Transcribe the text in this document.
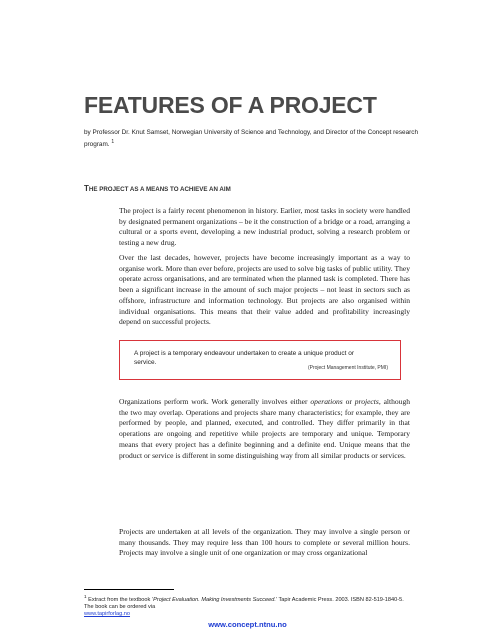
FEATURES OF A PROJECT

by Professor Dr. Knut Samset, Norwegian University of Science and Technology, and Director of the Concept research program. $^1$

THE PROJECT AS A MEANS TO ACHIEVE AN AIM

The project is a fairly recent phenomenon in history. Earlier, most tasks in society were handled by designated permanent organizations – be it the construction of a bridge or a road, arranging a cultural or a sports event, developing a new industrial product, solving a research problem or testing a new drug.

Over the last decades, however, projects have become increasingly important as a way to organise work. More than ever before, projects are used to solve big tasks of public utility. They operate across organisations, and are terminated when the planned task is completed. There has been a significant increase in the amount of such major projects – not least in sectors such as offshore, infrastructure and information technology. But projects are also organised within individual organisations. This means that their value added and profitability increasingly depend on successful projects.

A project is a temporary endeavour undertaken to create a unique product or service.

(Project Management Institute, PMI)

Organizations perform work. Work generally involves either operations or projects, although the two may overlap. Operations and projects share many characteristics; for example, they are performed by people, and planned, executed, and controlled. They differ primarily in that operations are ongoing and repetitive while projects are temporary and unique. Temporary means that every project has a definite beginning and a definite end. Unique means that the product or service is different in some distinguishing way from all similar products or services.

Projects are undertaken at all levels of the organization. They may involve a single person or many thousands. They may require less than 100 hours to complete or several million hours. Projects may involve a single unit of one organization or may cross organizational

$^1$ Extract from the textbook ‘Project Evaluation. Making Investments Succeed.’ Tapir Academic Press. 2003. ISBN 82-519-1840-5. The book can be ordered via
www.tapirforlag.no

www.concept.ntnu.no
